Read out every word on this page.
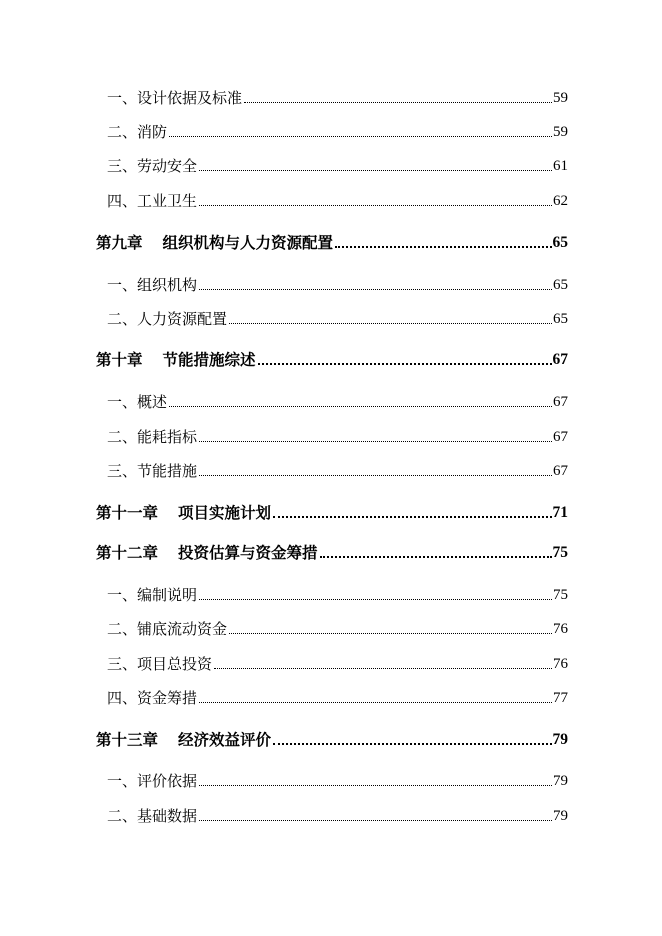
一、设计依据及标准	59
二、消防	59
三、劳动安全	61
四、工业卫生	62
第九章 组织机构与人力资源配置	65
一、组织机构	65
二、人力资源配置	65
第十章 节能措施综述	67
一、概述	67
二、能耗指标	67
三、节能措施	67
第十一章 项目实施计划	71
第十二章 投资估算与资金筹措	75
一、编制说明	75
二、铺底流动资金	76
三、项目总投资	76
四、资金筹措	77
第十三章 经济效益评价	79
一、评价依据	79
二、基础数据	79
